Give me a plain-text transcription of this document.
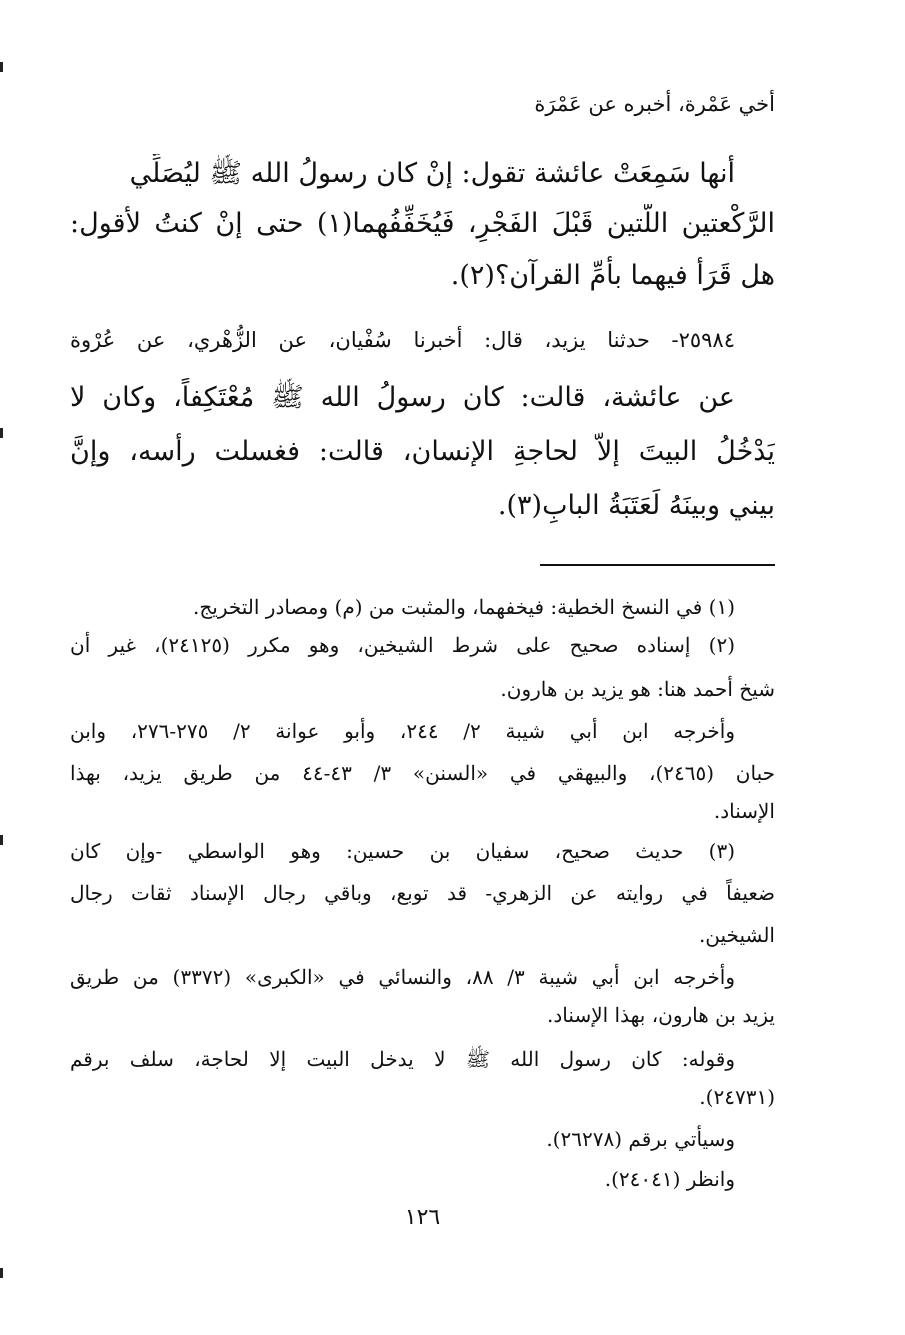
أخي عَمْرة، أخبره عن عَمْرَة
أنها سَمِعَتْ عائشة تقول: إنْ كان رسولُ الله ﷺ ليُصَلِّي
الرَّكْعتين اللَّتين قَبْلَ الفَجْرِ، فَيُخَفِّفُهما(١) حتى إنْ كنتُ لأقول:
هل قَرَأَ فيهما بأُمِّ القرآن؟(٢).
٢٥٩٨٤- حدثنا يزيد، قال: أخبرنا سُفْيان، عن الزُّهْري، عن عُرْوة
عن عائشة، قالت: كان رسولُ الله ﷺ مُعْتَكِفاً، وكان لا
يَدْخُلُ البيتَ إلاّ لحاجةِ الإنسان، قالت: فغسلت رأسه، وإنَّ
بيني وبينَهُ لَعَتَبَةُ البابِ(٣).
(١) في النسخ الخطية: فيخفهما، والمثبت من (م) ومصادر التخريج.
(٢) إسناده صحيح على شرط الشيخين، وهو مكرر (٢٤١٢٥)، غير أن
شيخ أحمد هنا: هو يزيد بن هارون.
وأخرجه ابن أبي شيبة ٢/ ٢٤٤، وأبو عوانة ٢/ ٢٧٥-٢٧٦، وابن
حبان (٢٤٦٥)، والبيهقي في «السنن» ٣/ ٤٣-٤٤ من طريق يزيد، بهذا
الإسناد.
(٣) حديث صحيح، سفيان بن حسين: وهو الواسطي -وإن كان
ضعيفاً في روايته عن الزهري- قد توبع، وباقي رجال الإسناد ثقات رجال
الشيخين.
وأخرجه ابن أبي شيبة ٣/ ٨٨، والنسائي في «الكبرى» (٣٣٧٢) من طريق
يزيد بن هارون، بهذا الإسناد.
وقوله: كان رسول الله ﷺ لا يدخل البيت إلا لحاجة، سلف برقم
(٢٤٧٣١).
وسيأتي برقم (٢٦٢٧٨).
وانظر (٢٤٠٤١).
١٢٦
